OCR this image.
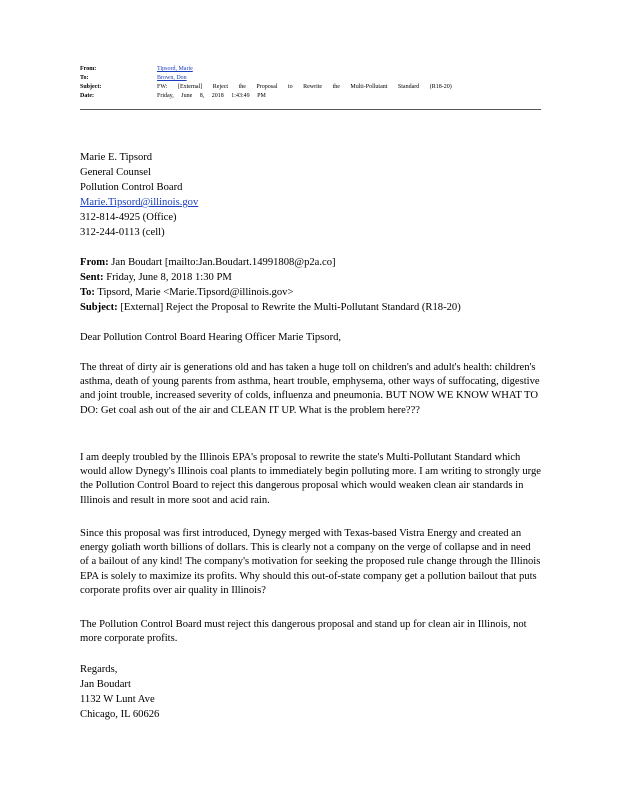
From:	Tipsord, Marie
To:	Brown, Don
Subject:	FW: [External] Reject the Proposal to Rewrite the Multi-Pollutant Standard (R18-20)
Date:	Friday, June 8, 2018 1:43:49 PM
Marie E. Tipsord
General Counsel
Pollution Control Board
Marie.Tipsord@illinois.gov
312-814-4925 (Office)
312-244-0113 (cell)
From: Jan Boudart [mailto:Jan.Boudart.14991808@p2a.co]
Sent: Friday, June 8, 2018 1:30 PM
To: Tipsord, Marie <Marie.Tipsord@illinois.gov>
Subject: [External] Reject the Proposal to Rewrite the Multi-Pollutant Standard (R18-20)
Dear Pollution Control Board Hearing Officer Marie Tipsord,
The threat of dirty air is generations old and has taken a huge toll on children's and adult's health: children's asthma, death of young parents from asthma, heart trouble, emphysema, other ways of suffocating, digestive and joint trouble, increased severity of colds, influenza and pneumonia. BUT NOW WE KNOW WHAT TO DO: Get coal ash out of the air and CLEAN IT UP. What is the problem here???
I am deeply troubled by the Illinois EPA's proposal to rewrite the state's Multi-Pollutant Standard which would allow Dynegy's Illinois coal plants to immediately begin polluting more. I am writing to strongly urge the Pollution Control Board to reject this dangerous proposal which would weaken clean air standards in Illinois and result in more soot and acid rain.
Since this proposal was first introduced, Dynegy merged with Texas-based Vistra Energy and created an energy goliath worth billions of dollars. This is clearly not a company on the verge of collapse and in need of a bailout of any kind! The company's motivation for seeking the proposed rule change through the Illinois EPA is solely to maximize its profits. Why should this out-of-state company get a pollution bailout that puts corporate profits over air quality in Illinois?
The Pollution Control Board must reject this dangerous proposal and stand up for clean air in Illinois, not more corporate profits.
Regards,
Jan Boudart
1132 W Lunt Ave
Chicago, IL 60626
